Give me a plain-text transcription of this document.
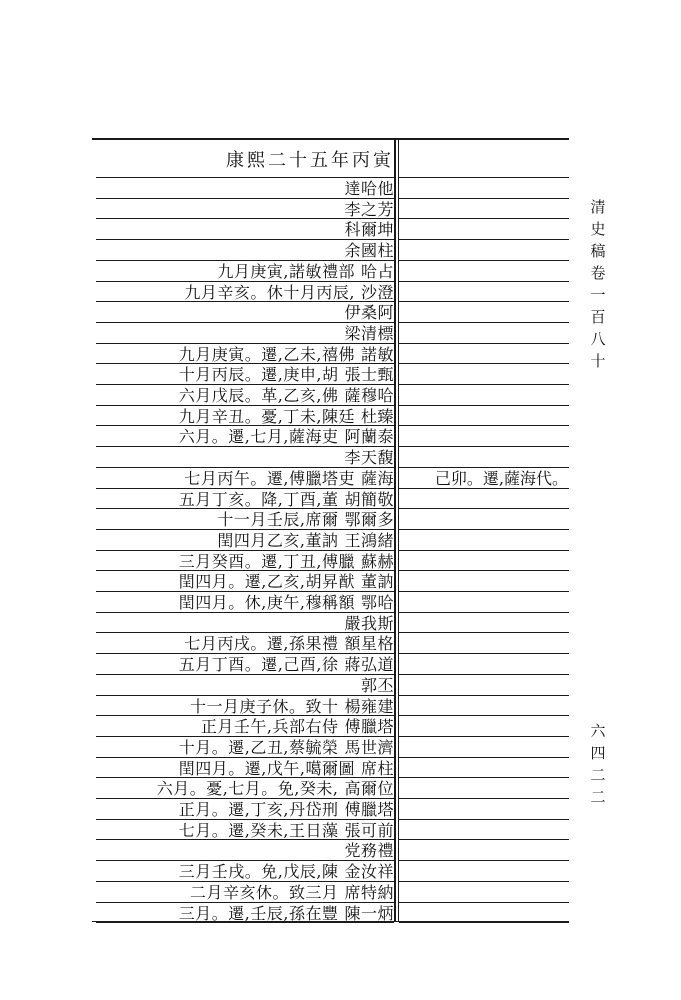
康熙二十五年丙寅
達哈他
李之芳
科爾坤
余國柱
九月庚寅,諾敏禮部 哈占
九月辛亥。休十月丙辰, 沙澄
伊桑阿
梁清標
九月庚寅。遷,乙未,禧佛 諾敏
十月丙辰。遷,庚申,胡 張士甄
六月戊辰。革,乙亥,佛 薩穆哈
九月辛丑。憂,丁未,陳廷 杜臻
六月。遷,七月,薩海吏 阿蘭泰
李天馥
七月丙午。遷,傅臘塔吏 薩海
五月丁亥。降,丁酉,董 胡簡敬
十一月壬辰,席爾 鄂爾多
閏四月乙亥,董訥 王鴻緒
三月癸酉。遷,丁丑,傅臘 蘇赫
閏四月。遷,乙亥,胡昇猷 董訥
閏四月。休,庚午,穆稱額 鄂哈
嚴我斯
七月丙戌。遷,孫果禮 額星格
五月丁酉。遷,己酉,徐 蔣弘道
郭丕
十一月庚子休。致十 楊雍建
正月壬午,兵部右侍 傅臘塔
十月。遷,乙丑,蔡毓榮 馬世濟
閏四月。遷,戊午,噶爾圖 席柱
六月。憂,七月。免,癸未, 高爾位
正月。遷,丁亥,丹岱刑 傅臘塔
七月。遷,癸未,王日藻 張可前
党務禮
三月壬戌。免,戊辰,陳 金汝祥
二月辛亥休。致三月 席特納
三月。遷,壬辰,孫在豐 陳一炳
己卯。遷,薩海代。
清史稿卷一百八十
六四二二
